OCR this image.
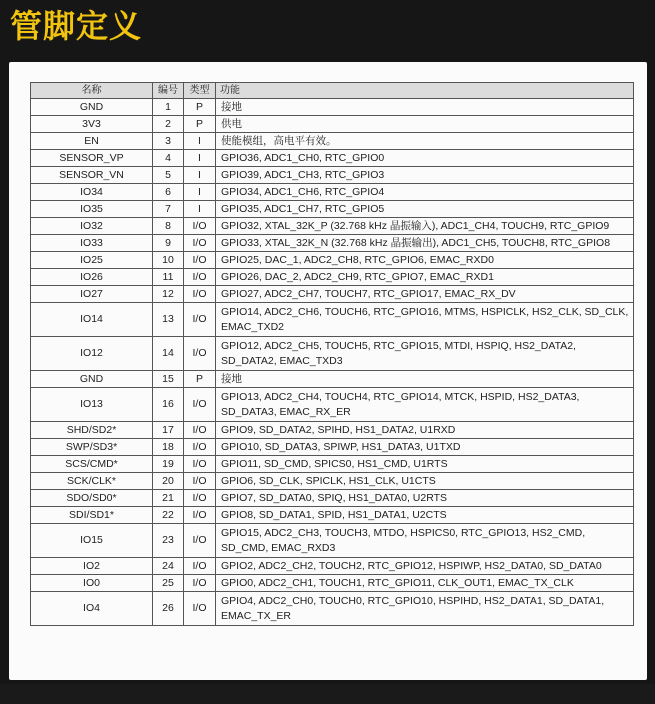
管脚定义
名称	编号	类型	功能
GND	1	P	接地
3V3	2	P	供电
EN	3	I	使能模组，高电平有效。
SENSOR_VP	4	I	GPIO36, ADC1_CH0, RTC_GPIO0
SENSOR_VN	5	I	GPIO39, ADC1_CH3, RTC_GPIO3
IO34	6	I	GPIO34, ADC1_CH6, RTC_GPIO4
IO35	7	I	GPIO35, ADC1_CH7, RTC_GPIO5
IO32	8	I/O	GPIO32, XTAL_32K_P (32.768 kHz 晶振输入), ADC1_CH4, TOUCH9, RTC_GPIO9
IO33	9	I/O	GPIO33, XTAL_32K_N (32.768 kHz 晶振输出), ADC1_CH5, TOUCH8, RTC_GPIO8
IO25	10	I/O	GPIO25, DAC_1, ADC2_CH8, RTC_GPIO6, EMAC_RXD0
IO26	11	I/O	GPIO26, DAC_2, ADC2_CH9, RTC_GPIO7, EMAC_RXD1
IO27	12	I/O	GPIO27, ADC2_CH7, TOUCH7, RTC_GPIO17, EMAC_RX_DV
IO14	13	I/O	GPIO14, ADC2_CH6, TOUCH6, RTC_GPIO16, MTMS, HSPICLK, HS2_CLK, SD_CLK, EMAC_TXD2
IO12	14	I/O	GPIO12, ADC2_CH5, TOUCH5, RTC_GPIO15, MTDI, HSPIQ, HS2_DATA2, SD_DATA2, EMAC_TXD3
GND	15	P	接地
IO13	16	I/O	GPIO13, ADC2_CH4, TOUCH4, RTC_GPIO14, MTCK, HSPID, HS2_DATA3, SD_DATA3, EMAC_RX_ER
SHD/SD2*	17	I/O	GPIO9, SD_DATA2, SPIHD, HS1_DATA2, U1RXD
SWP/SD3*	18	I/O	GPIO10, SD_DATA3, SPIWP, HS1_DATA3, U1TXD
SCS/CMD*	19	I/O	GPIO11, SD_CMD, SPICS0, HS1_CMD, U1RTS
SCK/CLK*	20	I/O	GPIO6, SD_CLK, SPICLK, HS1_CLK, U1CTS
SDO/SD0*	21	I/O	GPIO7, SD_DATA0, SPIQ, HS1_DATA0, U2RTS
SDI/SD1*	22	I/O	GPIO8, SD_DATA1, SPID, HS1_DATA1, U2CTS
IO15	23	I/O	GPIO15, ADC2_CH3, TOUCH3, MTDO, HSPICS0, RTC_GPIO13, HS2_CMD, SD_CMD, EMAC_RXD3
IO2	24	I/O	GPIO2, ADC2_CH2, TOUCH2, RTC_GPIO12, HSPIWP, HS2_DATA0, SD_DATA0
IO0	25	I/O	GPIO0, ADC2_CH1, TOUCH1, RTC_GPIO11, CLK_OUT1, EMAC_TX_CLK
IO4	26	I/O	GPIO4, ADC2_CH0, TOUCH0, RTC_GPIO10, HSPIHD, HS2_DATA1, SD_DATA1, EMAC_TX_ER
